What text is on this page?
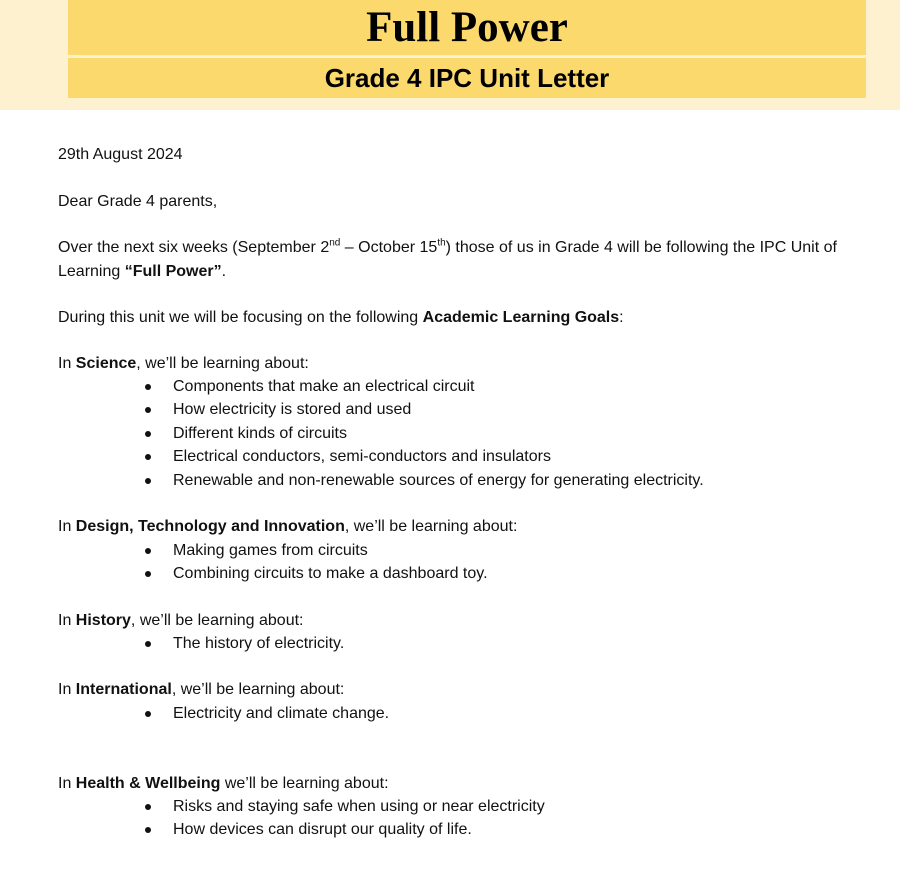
Full Power
Grade 4 IPC Unit Letter
29th August 2024
Dear Grade 4 parents,
Over the next six weeks (September 2nd – October 15th) those of us in Grade 4 will be following the IPC Unit of Learning “Full Power”.
During this unit we will be focusing on the following Academic Learning Goals:
In Science, we’ll be learning about:
Components that make an electrical circuit
How electricity is stored and used
Different kinds of circuits
Electrical conductors, semi-conductors and insulators
Renewable and non-renewable sources of energy for generating electricity.
In Design, Technology and Innovation, we’ll be learning about:
Making games from circuits
Combining circuits to make a dashboard toy.
In History, we’ll be learning about:
The history of electricity.
In International, we’ll be learning about:
Electricity and climate change.
In Health & Wellbeing we’ll be learning about:
Risks and staying safe when using or near electricity
How devices can disrupt our quality of life.
